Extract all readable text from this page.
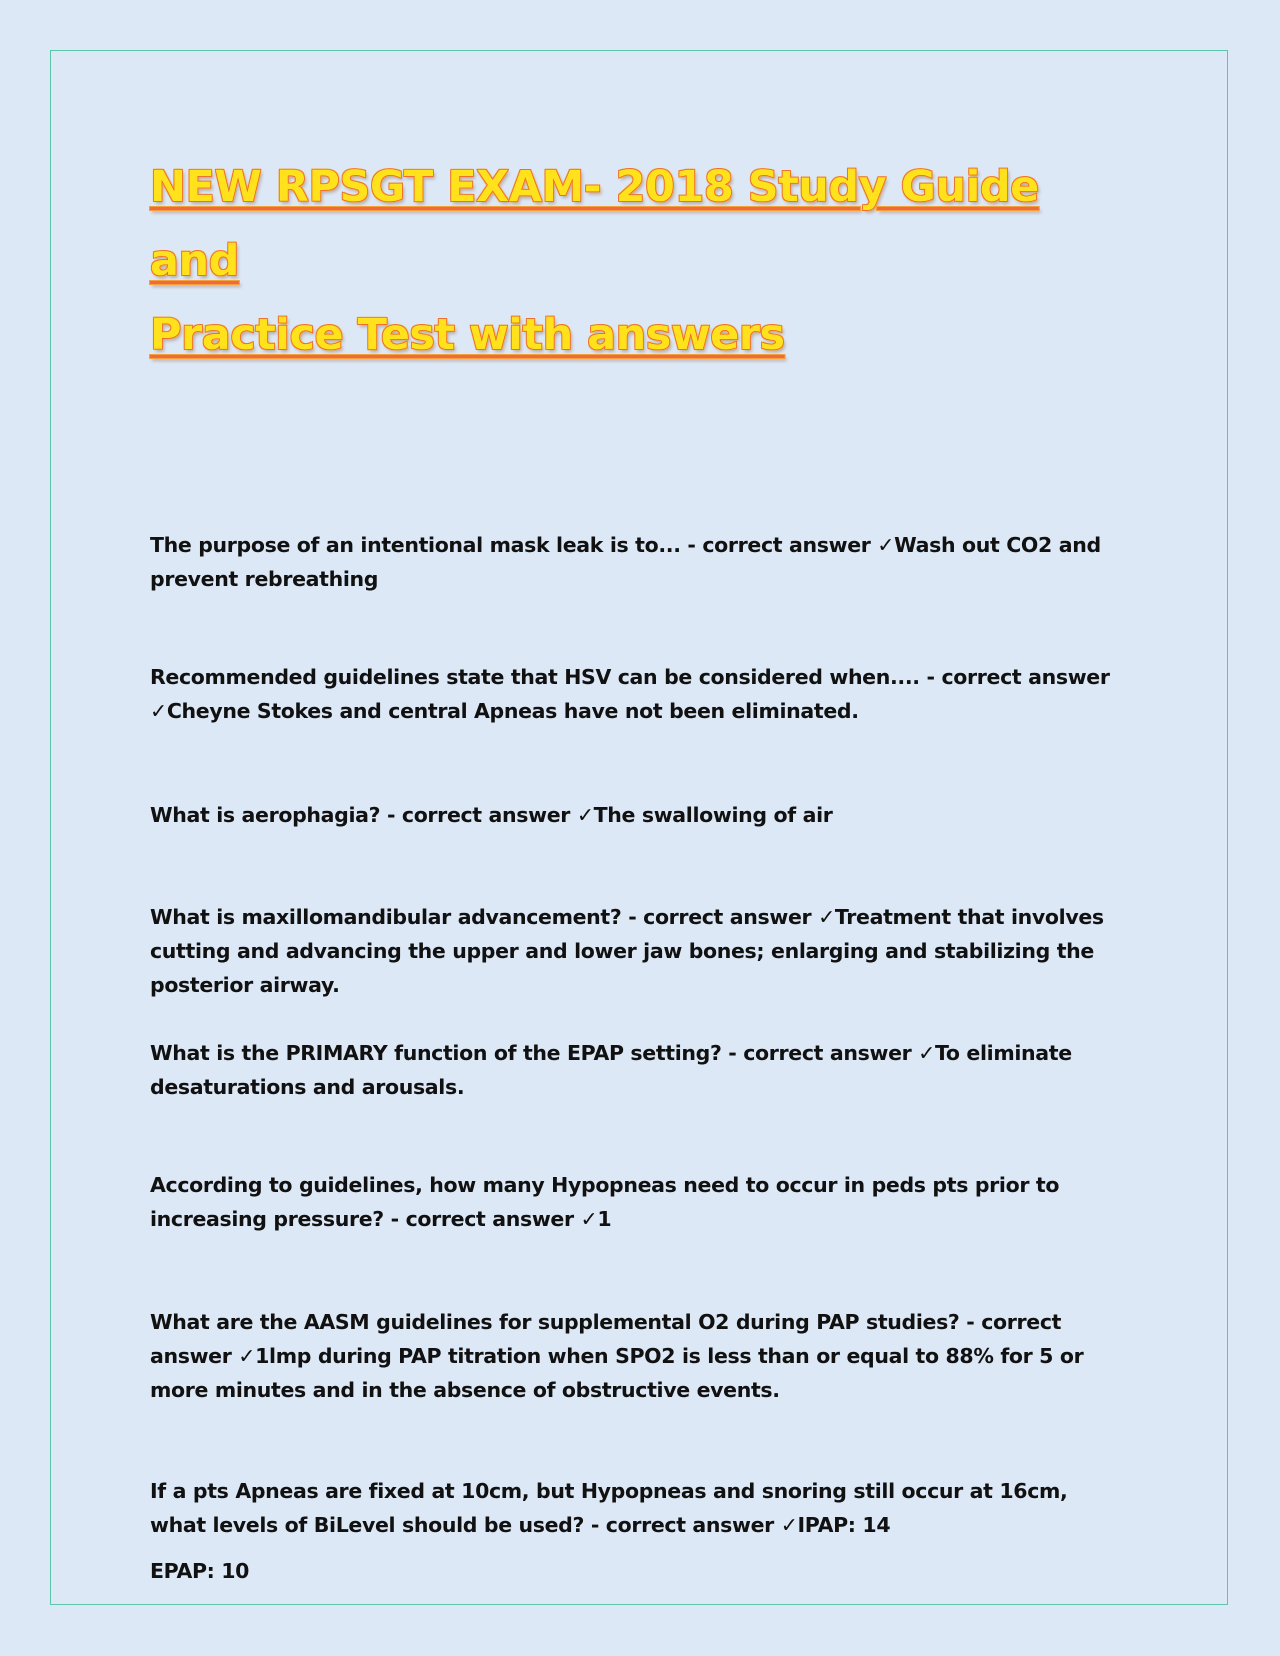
NEW RPSGT EXAM- 2018 Study Guide and
Practice Test with answers

The purpose of an intentional mask leak is to... - correct answer ✓Wash out CO2 and prevent rebreathing

Recommended guidelines state that HSV can be considered when.... - correct answer ✓Cheyne Stokes and central Apneas have not been eliminated.

What is aerophagia? - correct answer ✓The swallowing of air

What is maxillomandibular advancement? - correct answer ✓Treatment that involves cutting and advancing the upper and lower jaw bones; enlarging and stabilizing the posterior airway.

What is the PRIMARY function of the EPAP setting? - correct answer ✓To eliminate desaturations and arousals.

According to guidelines, how many Hypopneas need to occur in peds pts prior to increasing pressure? - correct answer ✓1

What are the AASM guidelines for supplemental O2 during PAP studies? - correct answer ✓1lmp during PAP titration when SPO2 is less than or equal to 88% for 5 or more minutes and in the absence of obstructive events.

If a pts Apneas are fixed at 10cm, but Hypopneas and snoring still occur at 16cm, what levels of BiLevel should be used? - correct answer ✓IPAP: 14
EPAP: 10
